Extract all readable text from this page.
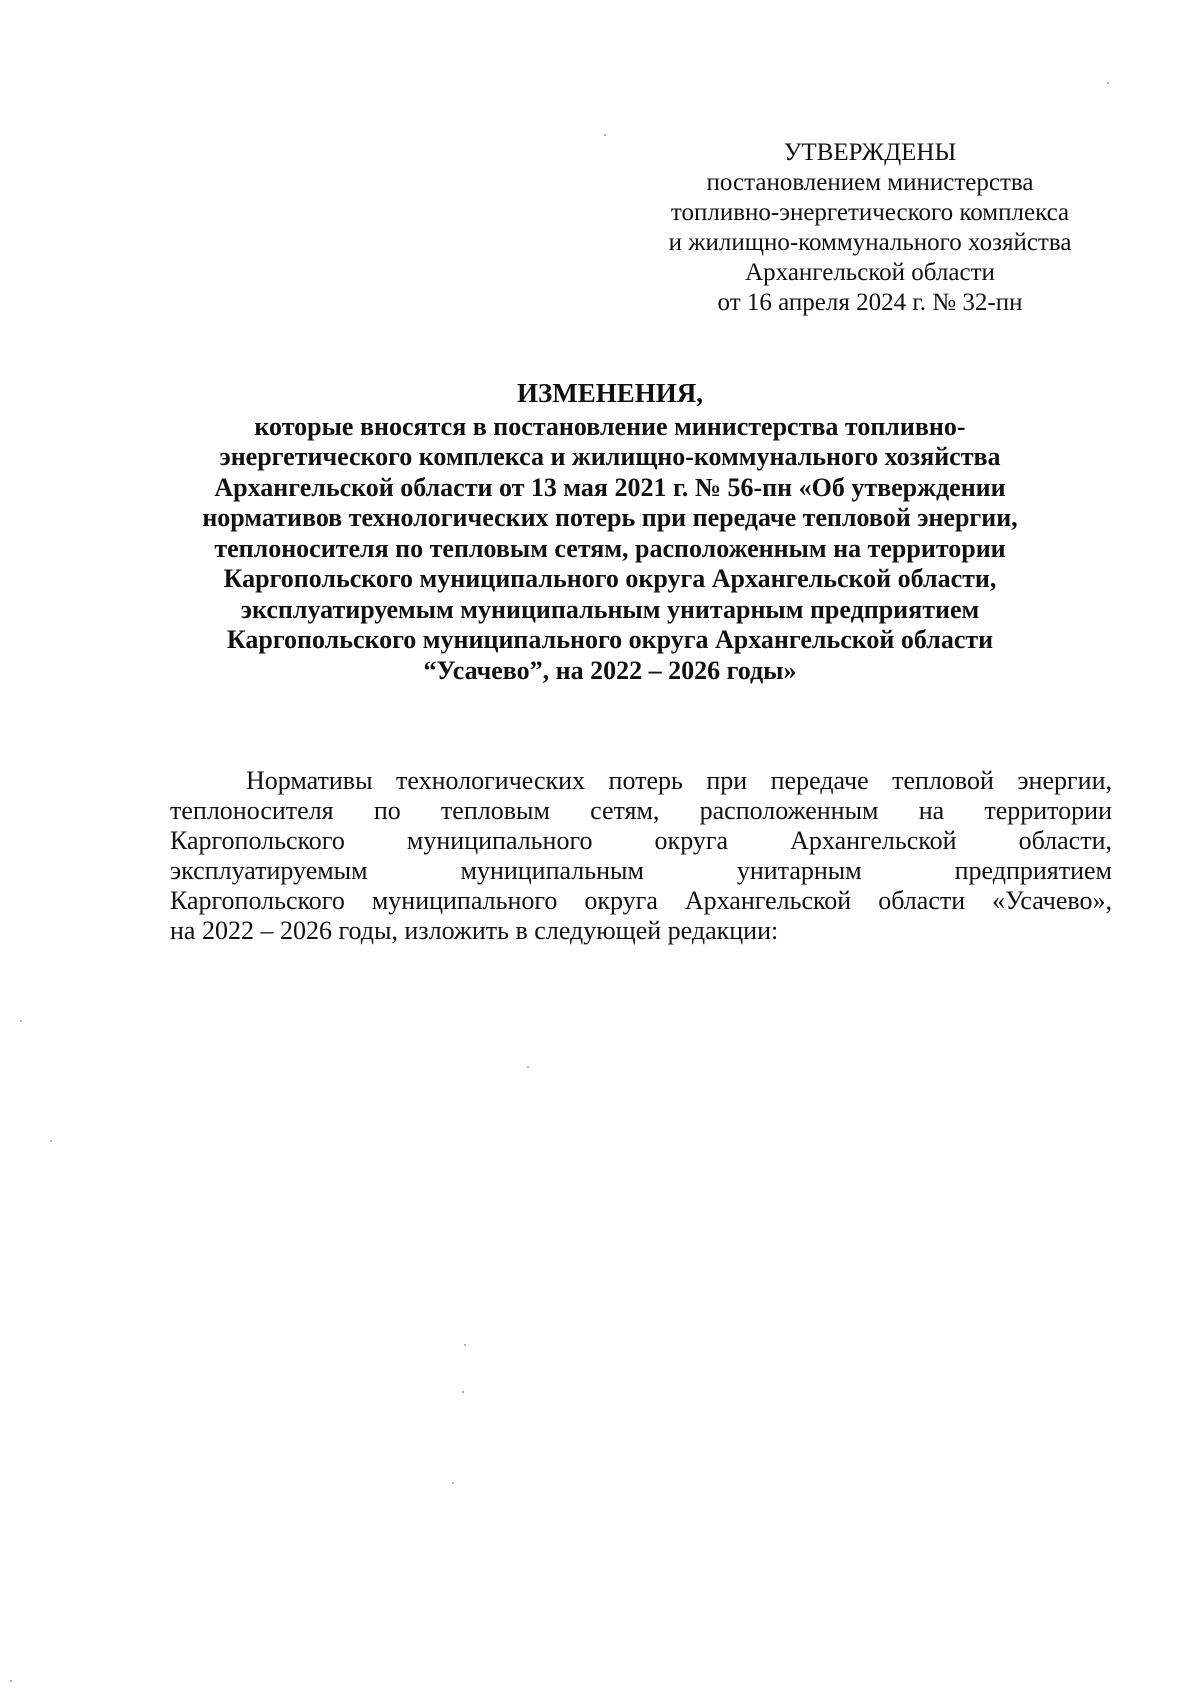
УТВЕРЖДЕНЫ
постановлением министерства
топливно-энергетического комплекса
и жилищно-коммунального хозяйства
Архангельской области
от 16 апреля 2024 г. № 32-пн
ИЗМЕНЕНИЯ,
которые вносятся в постановление министерства топливно-
энергетического комплекса и жилищно-коммунального хозяйства
Архангельской области от 13 мая 2021 г. № 56-пн «Об утверждении
нормативов технологических потерь при передаче тепловой энергии,
теплоносителя по тепловым сетям, расположенным на территории
Каргопольского муниципального округа Архангельской области,
эксплуатируемым муниципальным унитарным предприятием
Каргопольского муниципального округа Архангельской области
“Усачево”, на 2022 – 2026 годы»
Нормативы технологических потерь при передаче тепловой энергии,
теплоносителя по тепловым сетям, расположенным на территории
Каргопольского муниципального округа Архангельской области,
эксплуатируемым муниципальным унитарным предприятием
Каргопольского муниципального округа Архангельской области «Усачево»,
на 2022 – 2026 годы, изложить в следующей редакции:
